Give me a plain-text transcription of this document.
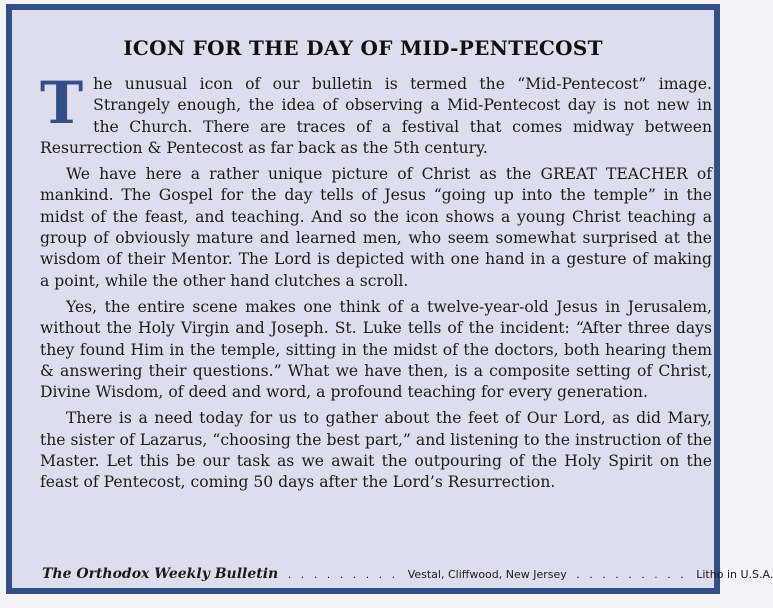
ICON FOR THE DAY OF MID-PENTECOST

T he unusual icon of our bulletin is termed the “Mid-Pentecost” image. Strangely enough, the idea of observing a Mid-Pentecost day is not new in the Church. There are traces of a festival that comes midway between Resurrection & Pentecost as far back as the 5th century.

We have here a rather unique picture of Christ as the GREAT TEACHER of mankind. The Gospel for the day tells of Jesus “going up into the temple” in the midst of the feast, and teaching. And so the icon shows a young Christ teaching a group of obviously mature and learned men, who seem somewhat surprised at the wisdom of their Mentor. The Lord is depicted with one hand in a gesture of making a point, while the other hand clutches a scroll.

Yes, the entire scene makes one think of a twelve-year-old Jesus in Jerusalem, without the Holy Virgin and Joseph. St. Luke tells of the incident: “After three days they found Him in the temple, sitting in the midst of the doctors, both hearing them & answering their questions.” What we have then, is a composite setting of Christ, Divine Wisdom, of deed and word, a profound teaching for every generation.

There is a need today for us to gather about the feet of Our Lord, as did Mary, the sister of Lazarus, “choosing the best part,” and listening to the instruction of the Master. Let this be our task as we await the outpouring of the Holy Spirit on the feast of Pentecost, coming 50 days after the Lord’s Resurrection.

The Orthodox Weekly Bulletin . . . . . . . . . Vestal, Cliffwood, New Jersey . . . . . . . . . Litho in U.S.A.
